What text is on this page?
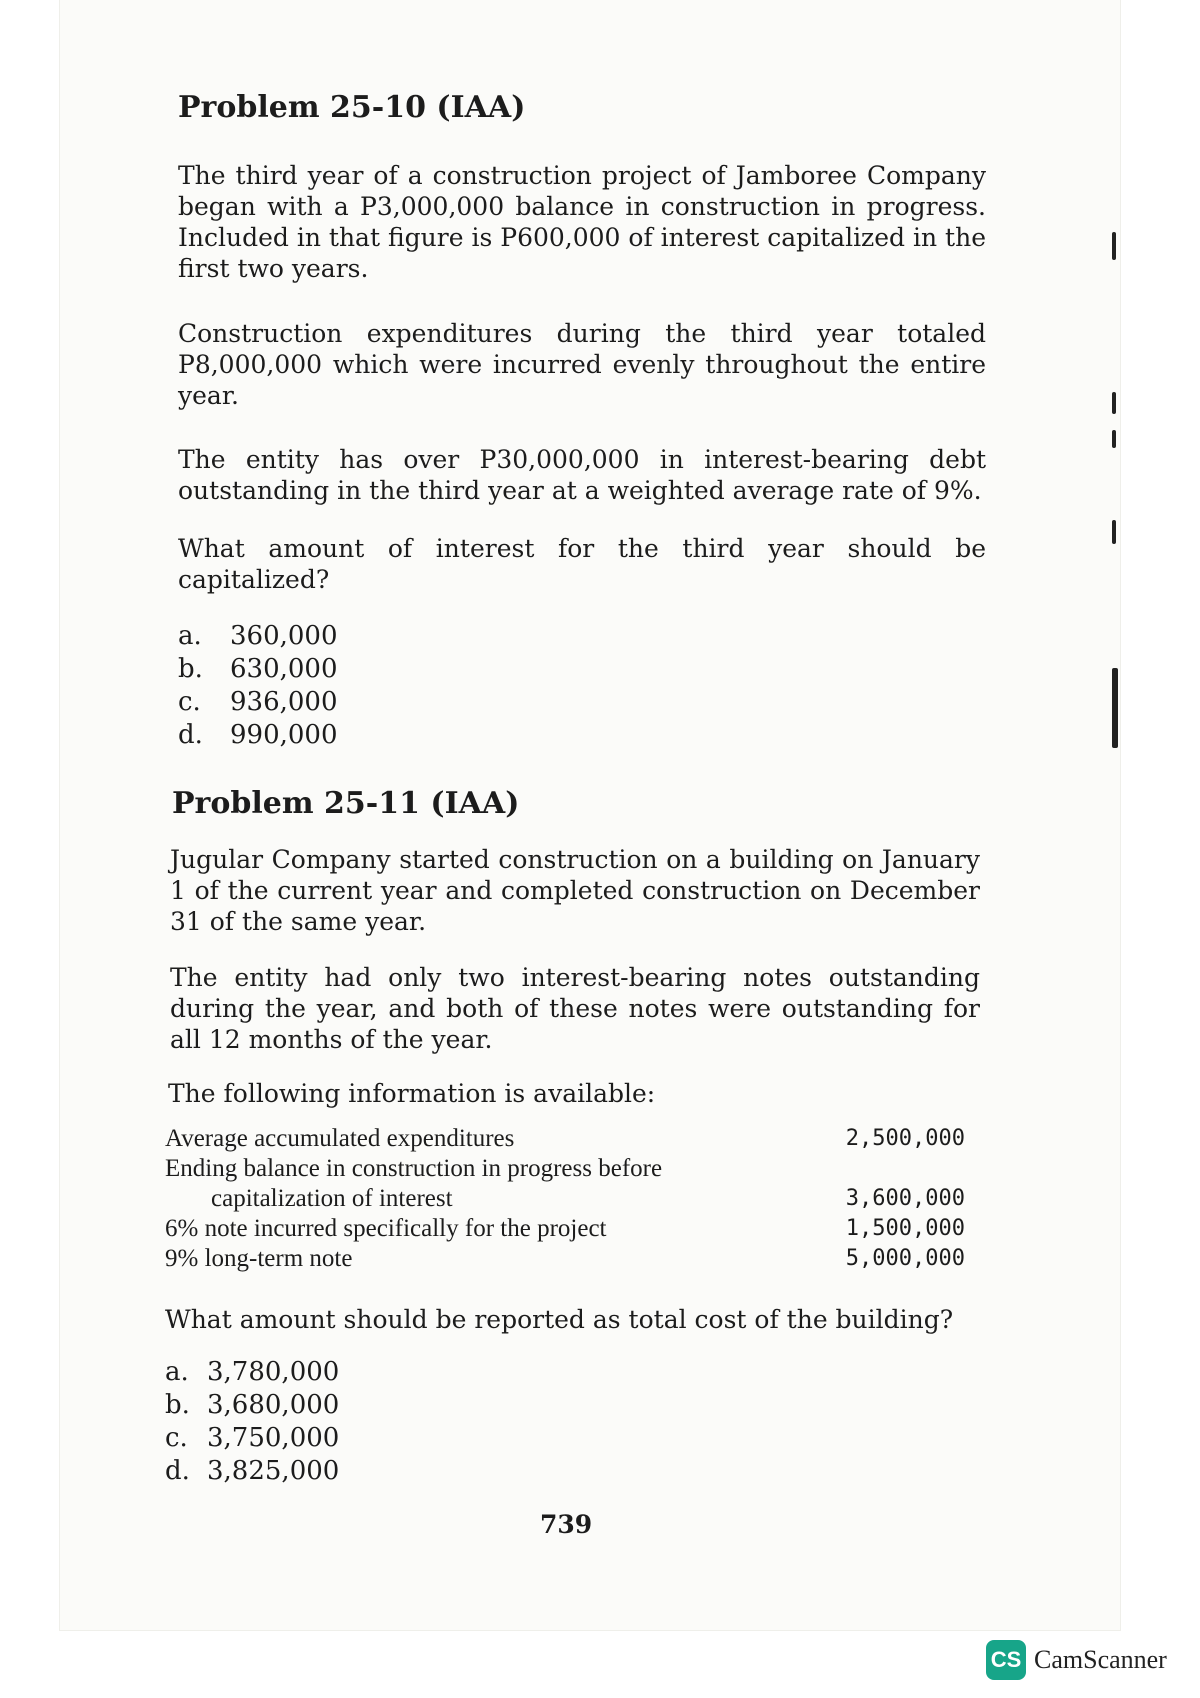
Problem 25-10 (IAA)

The third year of a construction project of Jamboree Company began with a P3,000,000 balance in construction in progress. Included in that figure is P600,000 of interest capitalized in the first two years.

Construction expenditures during the third year totaled P8,000,000 which were incurred evenly throughout the entire year.

The entity has over P30,000,000 in interest-bearing debt outstanding in the third year at a weighted average rate of 9%.

What amount of interest for the third year should be capitalized?

a.	360,000
b.	630,000
c.	936,000
d.	990,000
Problem 25-11 (IAA)

Jugular Company started construction on a building on January 1 of the current year and completed construction on December 31 of the same year.

The entity had only two interest-bearing notes outstanding during the year, and both of these notes were outstanding for all 12 months of the year.

The following information is available:

Average accumulated expenditures	2,500,000
Ending balance in construction in progress before	
capitalization of interest	3,600,000
6% note incurred specifically for the project	1,500,000
9% long-term note	5,000,000

What amount should be reported as total cost of the building?

a. 3,780,000
b. 3,680,000
c. 3,750,000
d. 3,825,000
739
CS CamScanner
